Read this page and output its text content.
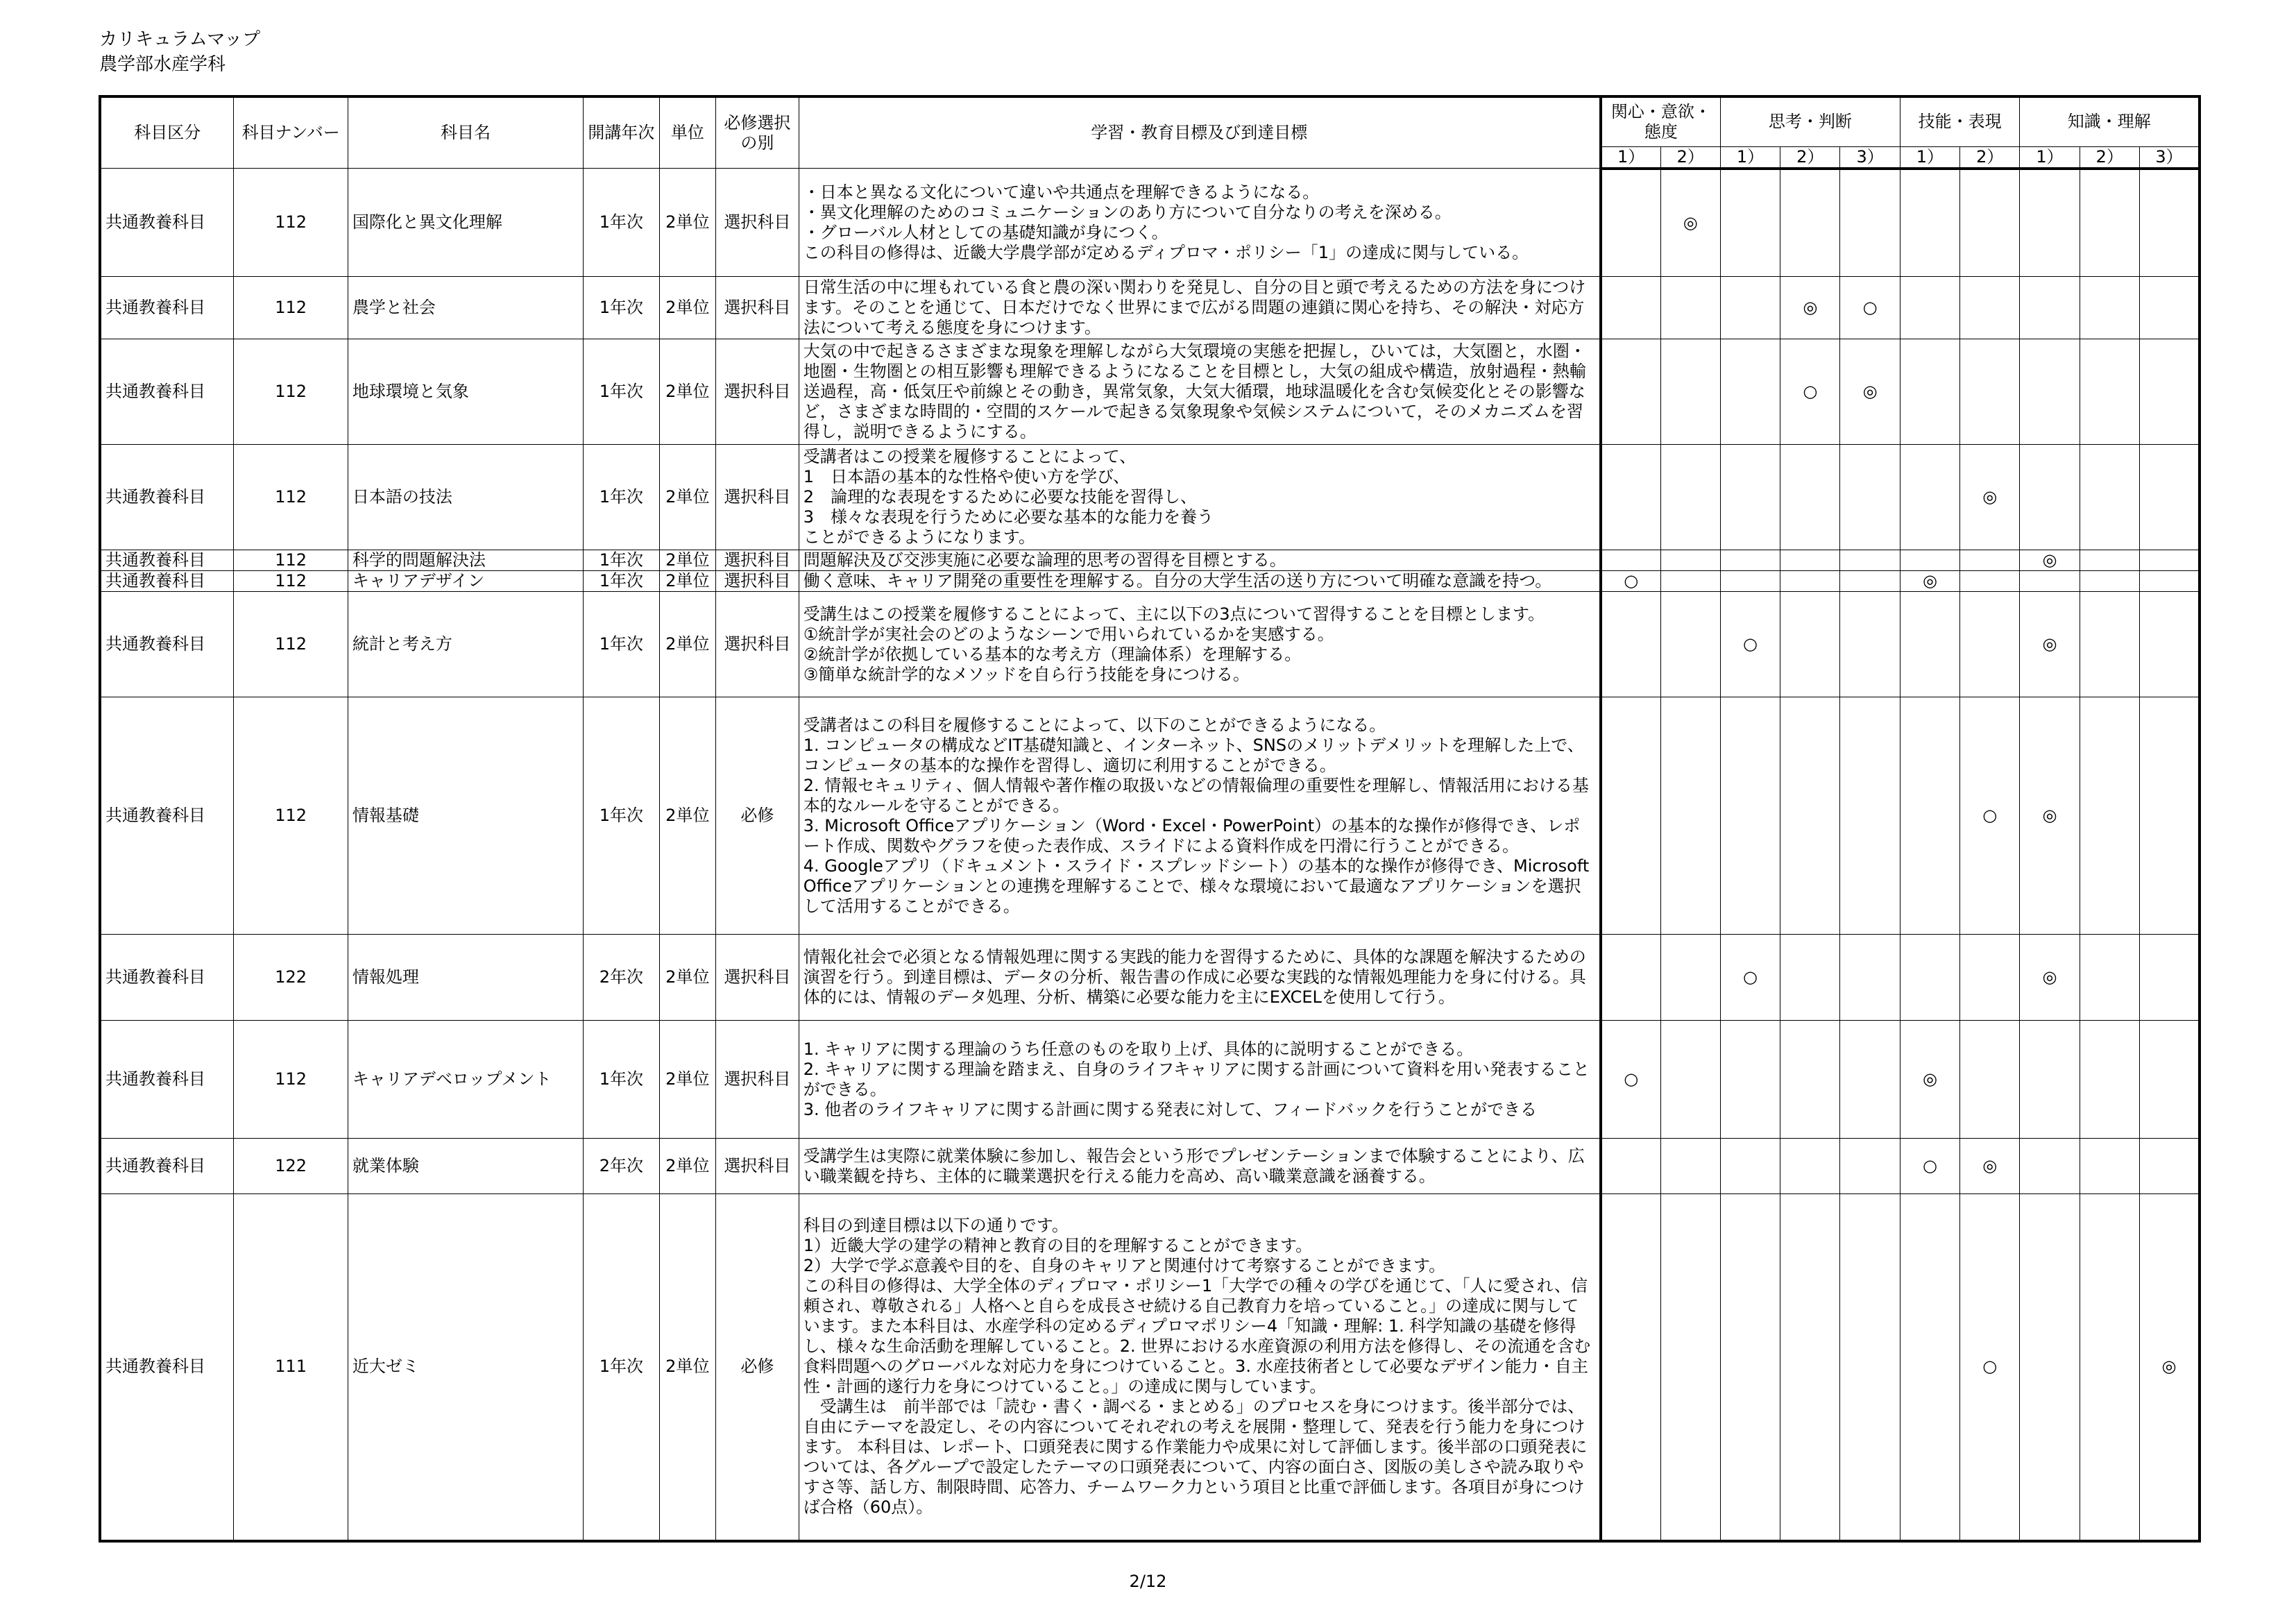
カリキュラムマップ
農学部水産学科
科目区分	科目ナンバー	科目名	開講年次	単位	必修選択の別	学習・教育目標及び到達目標	関心・意欲・態度		思考・判断			技能・表現		知識・理解		
							1）	2）	1）	2）	3）	1）	2）	1）	2）	3）
共通教養科目	112	国際化と異文化理解	1年次	2単位	選択科目	・日本と異なる文化について違いや共通点を理解できるようになる。
・異文化理解のためのコミュニケーションのあり方について自分なりの考えを深める。
・グローバル人材としての基礎知識が身につく。
この科目の修得は、近畿大学農学部が定めるディプロマ・ポリシー「1」の達成に関与している。		◎								
共通教養科目	112	農学と社会	1年次	2単位	選択科目	日常生活の中に埋もれている食と農の深い関わりを発見し、自分の目と頭で考えるための方法を身につけます。そのことを通じて、日本だけでなく世界にまで広がる問題の連鎖に関心を持ち、その解決・対応方法について考える態度を身につけます。				◎	○					
共通教養科目	112	地球環境と気象	1年次	2単位	選択科目	大気の中で起きるさまざまな現象を理解しながら大気環境の実態を把握し，ひいては，大気圏と，水圏・地圏・生物圏との相互影響も理解できるようになることを目標とし，大気の組成や構造，放射過程・熱輸送過程，高・低気圧や前線とその動き，異常気象，大気大循環，地球温暖化を含む気候変化とその影響など，さまざまな時間的・空間的スケールで起きる気象現象や気候システムについて，そのメカニズムを習得し，説明できるようにする。				○	◎					
共通教養科目	112	日本語の技法	1年次	2単位	選択科目	受講者はこの授業を履修することによって、
1　日本語の基本的な性格や使い方を学び、
2　論理的な表現をするために必要な技能を習得し、
3　様々な表現を行うために必要な基本的な能力を養う
ことができるようになります。							◎			
共通教養科目	112	科学的問題解決法	1年次	2単位	選択科目	問題解決及び交渉実施に必要な論理的思考の習得を目標とする。								◎		
共通教養科目	112	キャリアデザイン	1年次	2単位	選択科目	働く意味、キャリア開発の重要性を理解する。自分の大学生活の送り方について明確な意識を持つ。	○					◎				
共通教養科目	112	統計と考え方	1年次	2単位	選択科目	受講生はこの授業を履修することによって、主に以下の3点について習得することを目標とします。
①統計学が実社会のどのようなシーンで用いられているかを実感する。
②統計学が依拠している基本的な考え方（理論体系）を理解する。
③簡単な統計学的なメソッドを自ら行う技能を身につける。			○					◎		
共通教養科目	112	情報基礎	1年次	2単位	必修	受講者はこの科目を履修することによって、以下のことができるようになる。
1. コンピュータの構成などIT基礎知識と、インターネット、SNSのメリットデメリットを理解した上で、コンピュータの基本的な操作を習得し、適切に利用することができる。
2. 情報セキュリティ、個人情報や著作権の取扱いなどの情報倫理の重要性を理解し、情報活用における基本的なルールを守ることができる。
3. Microsoft Officeアプリケーション（Word・Excel・PowerPoint）の基本的な操作が修得でき、レポート作成、関数やグラフを使った表作成、スライドによる資料作成を円滑に行うことができる。
4. Googleアプリ（ドキュメント・スライド・スプレッドシート）の基本的な操作が修得でき、Microsoft Officeアプリケーションとの連携を理解することで、様々な環境において最適なアプリケーションを選択して活用することができる。							○	◎		
共通教養科目	122	情報処理	2年次	2単位	選択科目	情報化社会で必須となる情報処理に関する実践的能力を習得するために、具体的な課題を解決するための演習を行う。到達目標は、データの分析、報告書の作成に必要な実践的な情報処理能力を身に付ける。具体的には、情報のデータ処理、分析、構築に必要な能力を主にEXCELを使用して行う。			○					◎		
共通教養科目	112	キャリアデベロップメント	1年次	2単位	選択科目	1. キャリアに関する理論のうち任意のものを取り上げ、具体的に説明することができる。
2. キャリアに関する理論を踏まえ、自身のライフキャリアに関する計画について資料を用い発表することができる。
3. 他者のライフキャリアに関する計画に関する発表に対して、フィードバックを行うことができる	○					◎				
共通教養科目	122	就業体験	2年次	2単位	選択科目	受講学生は実際に就業体験に参加し、報告会という形でプレゼンテーションまで体験することにより、広い職業観を持ち、主体的に職業選択を行える能力を高め、高い職業意識を涵養する。						○	◎			
共通教養科目	111	近大ゼミ	1年次	2単位	必修	科目の到達目標は以下の通りです。
1）近畿大学の建学の精神と教育の目的を理解することができます。
2）大学で学ぶ意義や目的を、自身のキャリアと関連付けて考察することができます。
この科目の修得は、大学全体のディプロマ・ポリシー1「大学での種々の学びを通じて、「人に愛され、信頼され、尊敬される」人格へと自らを成長させ続ける自己教育力を培っていること。」の達成に関与しています。また本科目は、水産学科の定めるディプロマポリシー4「知識・理解: 1. 科学知識の基礎を修得し、様々な生命活動を理解していること。2. 世界における水産資源の利用方法を修得し、その流通を含む食料問題へのグローバルな対応力を身につけていること。3. 水産技術者として必要なデザイン能力・自主性・計画的遂行力を身につけていること。」の達成に関与しています。
　受講生は　前半部では「読む・書く・調べる・まとめる」のプロセスを身につけます。後半部分では、自由にテーマを設定し、その内容についてそれぞれの考えを展開・整理して、発表を行う能力を身につけます。 本科目は、レポート、口頭発表に関する作業能力や成果に対して評価します。後半部の口頭発表については、各グループで設定したテーマの口頭発表について、内容の面白さ、図版の美しさや読み取りやすさ等、話し方、制限時間、応答力、チームワーク力という項目と比重で評価します。各項目が身につけば合格（60点）。							○			◎
2/12
